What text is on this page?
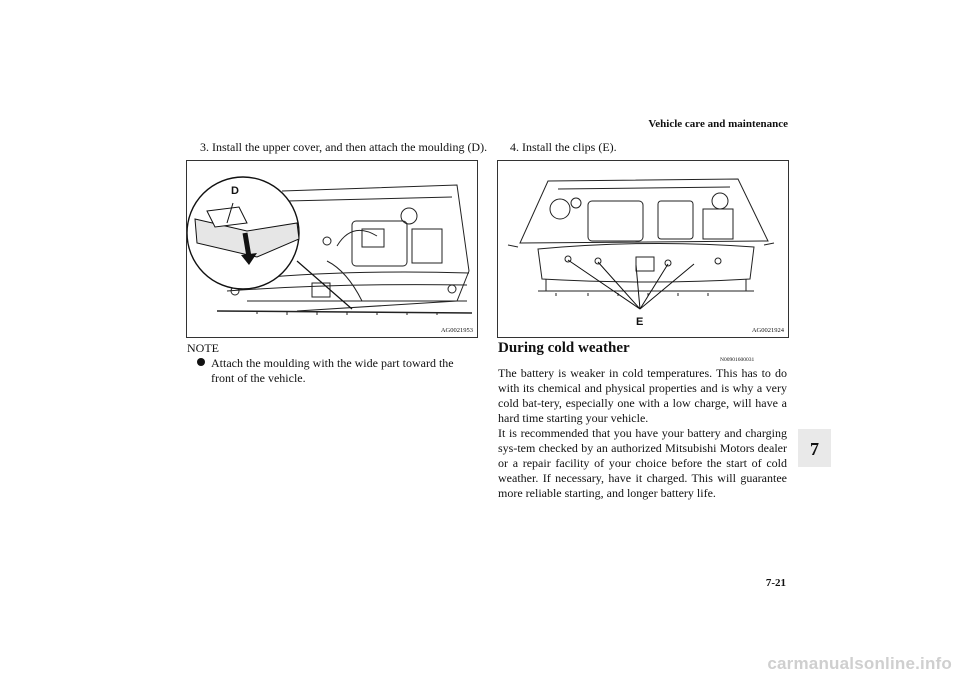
Vehicle care and maintenance
3. Install the upper cover, and then attach the moulding (D). 4. Install the clips (E).
D
AG0021953
E
AG0021924
NOTE
Attach the moulding with the wide part toward the front of the vehicle.
During cold weather
N00901600031
The battery is weaker in cold temperatures. This has to do with its chemical and physical properties and is why a very cold bat-tery, especially one with a low charge, will have a hard time starting your vehicle.
It is recommended that you have your battery and charging sys-tem checked by an authorized Mitsubishi Motors dealer or a repair facility of your choice before the start of cold weather. If necessary, have it charged. This will guarantee more reliable starting, and longer battery life.
7
7-21
carmanualsonline.info
